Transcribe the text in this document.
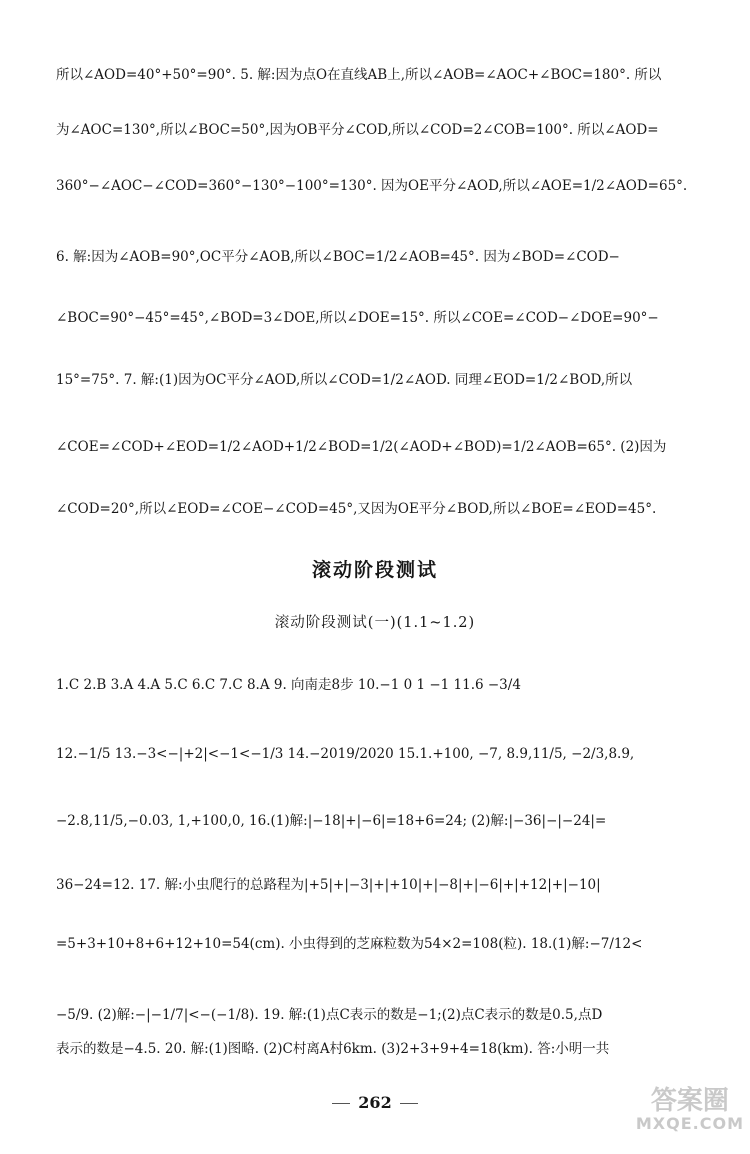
所以∠AOD=40°+50°=90°. 5. 解:因为点O在直线AB上,所以∠AOB=∠AOC+∠BOC=180°. 所以
为∠AOC=130°,所以∠BOC=50°,因为OB平分∠COD,所以∠COD=2∠COB=100°. 所以∠AOD=
360°−∠AOC−∠COD=360°−130°−100°=130°. 因为OE平分∠AOD,所以∠AOE=1/2∠AOD=65°.
6. 解:因为∠AOB=90°,OC平分∠AOB,所以∠BOC=1/2∠AOB=45°. 因为∠BOD=∠COD−
∠BOC=90°−45°=45°,∠BOD=3∠DOE,所以∠DOE=15°. 所以∠COE=∠COD−∠DOE=90°−
15°=75°. 7. 解:(1)因为OC平分∠AOD,所以∠COD=1/2∠AOD. 同理∠EOD=1/2∠BOD,所以
∠COE=∠COD+∠EOD=1/2∠AOD+1/2∠BOD=1/2(∠AOD+∠BOD)=1/2∠AOB=65°. (2)因为
∠COD=20°,所以∠EOD=∠COE−∠COD=45°,又因为OE平分∠BOD,所以∠BOE=∠EOD=45°.
滚动阶段测试
滚动阶段测试(一)(1.1~1.2)
1.C 2.B 3.A 4.A 5.C 6.C 7.C 8.A 9. 向南走8步 10.−1 0 1 −1 11.6 −3/4
12.−1/5 13.−3<−|+2|<−1<−1/3 14.−2019/2020 15.1.+100, −7, 8.9,11/5, −2/3,8.9,
−2.8,11/5,−0.03, 1,+100,0, 16.(1)解:|−18|+|−6|=18+6=24; (2)解:|−36|−|−24|=
36−24=12. 17. 解:小虫爬行的总路程为|+5|+|−3|+|+10|+|−8|+|−6|+|+12|+|−10|
=5+3+10+8+6+12+10=54(cm). 小虫得到的芝麻粒数为54×2=108(粒). 18.(1)解:−7/12<
−5/9. (2)解:−|−1/7|<−(−1/8). 19. 解:(1)点C表示的数是−1;(2)点C表示的数是0.5,点D
表示的数是−4.5. 20. 解:(1)图略. (2)C村离A村6km. (3)2+3+9+4=18(km). 答:小明一共
262	答案圈
MXQE.COM
